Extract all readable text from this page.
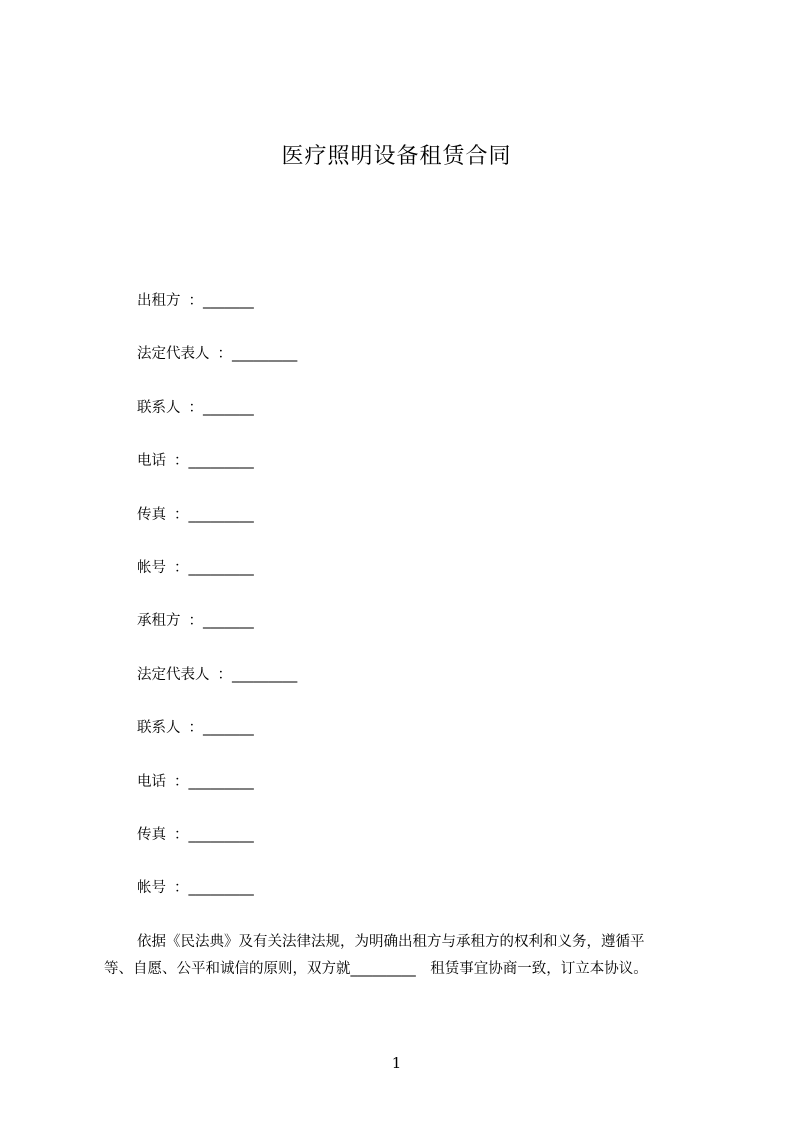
医疗照明设备租赁合同
出租方 ：_______
法定代表人 ：_________
联系人 ：_______
电话 ：_________
传真 ：_________
帐号 ：_________
承租方 ：_______
法定代表人 ：_________
联系人 ：_______
电话 ：_________
传真 ：_________
帐号 ：_________
依据《民法典》及有关法律法规，为明确出租方与承租方的权利和义务，遵循平
等、自愿、公平和诚信的原则，双方就_________　租赁事宜协商一致，订立本协议。
1
